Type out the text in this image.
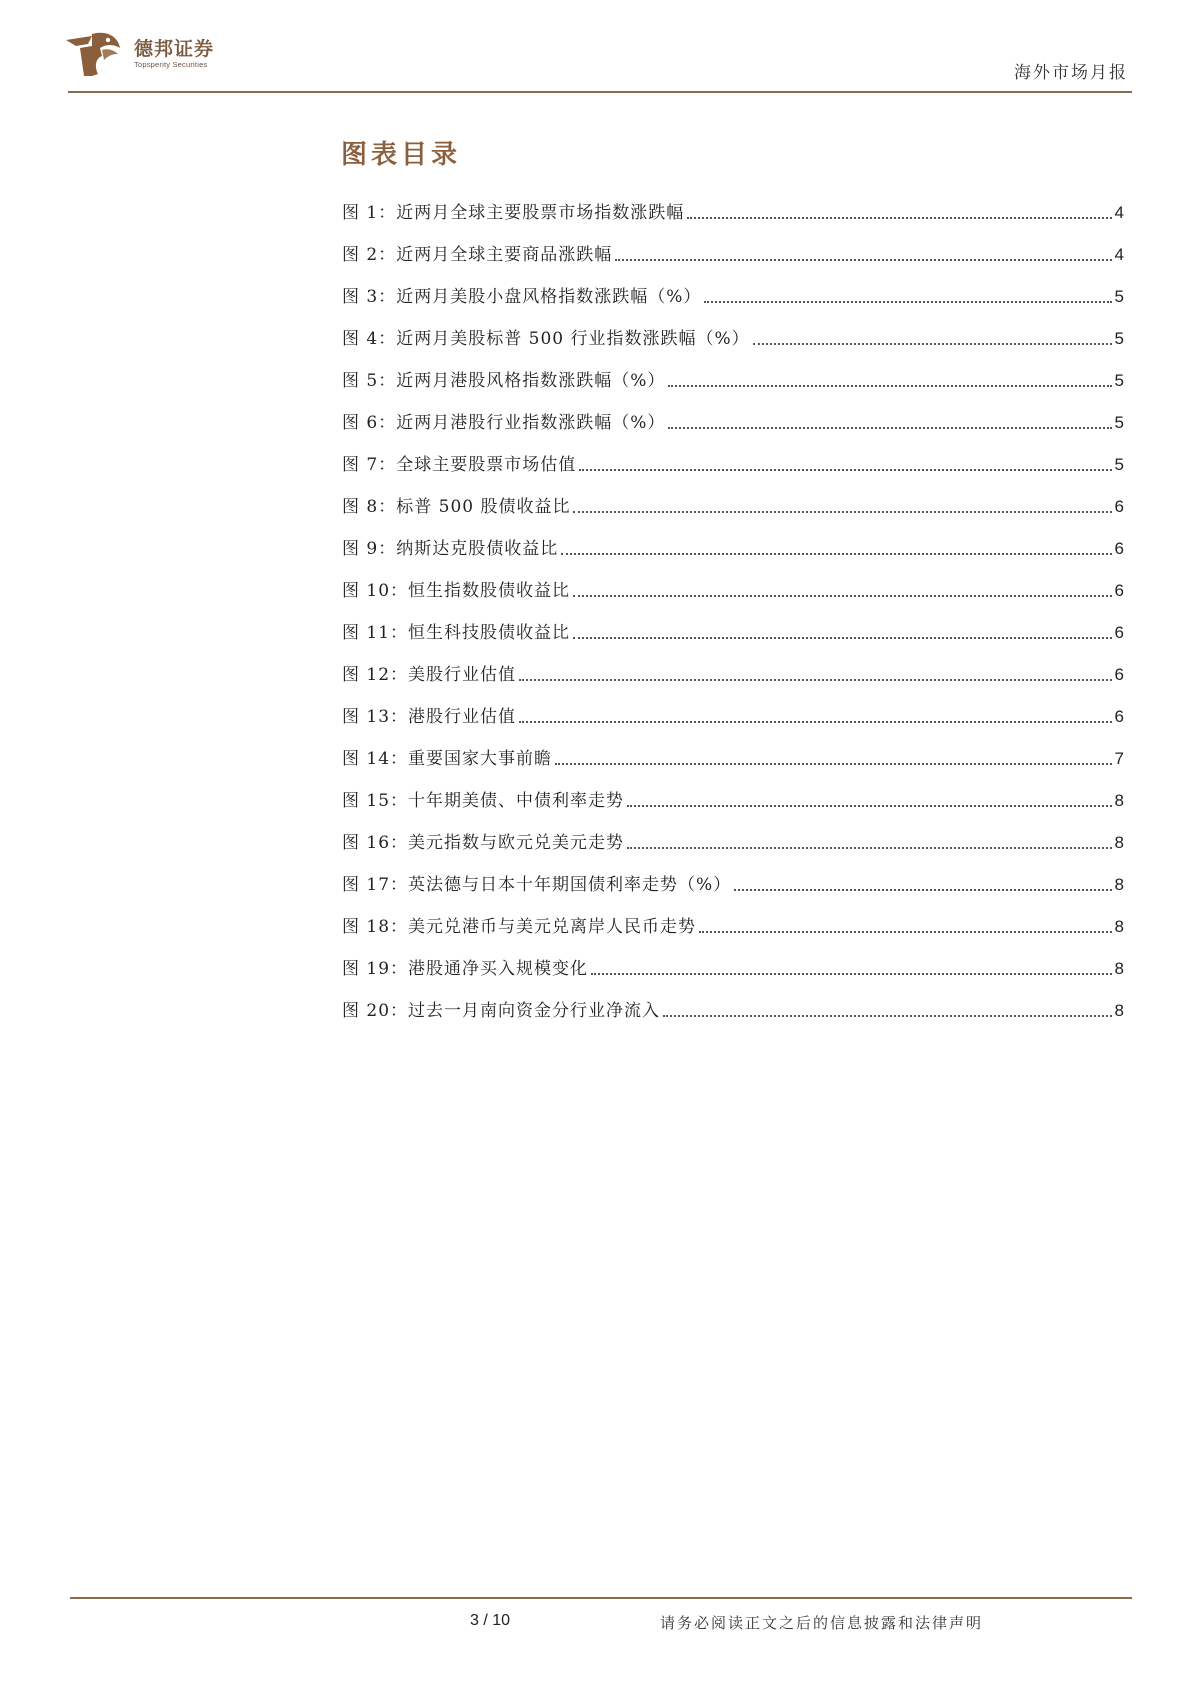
德邦证券
Topsperity Securities	海外市场月报
图表目录
图 1：近两月全球主要股票市场指数涨跌幅	4
图 2：近两月全球主要商品涨跌幅	4
图 3：近两月美股小盘风格指数涨跌幅（%）	5
图 4：近两月美股标普 500 行业指数涨跌幅（%）	5
图 5：近两月港股风格指数涨跌幅（%）	5
图 6：近两月港股行业指数涨跌幅（%）	5
图 7：全球主要股票市场估值	5
图 8：标普 500 股债收益比	6
图 9：纳斯达克股债收益比	6
图 10：恒生指数股债收益比	6
图 11：恒生科技股债收益比	6
图 12：美股行业估值	6
图 13：港股行业估值	6
图 14：重要国家大事前瞻	7
图 15：十年期美债、中债利率走势	8
图 16：美元指数与欧元兑美元走势	8
图 17：英法德与日本十年期国债利率走势（%）	8
图 18：美元兑港币与美元兑离岸人民币走势	8
图 19：港股通净买入规模变化	8
图 20：过去一月南向资金分行业净流入	8
3 / 10	请务必阅读正文之后的信息披露和法律声明
